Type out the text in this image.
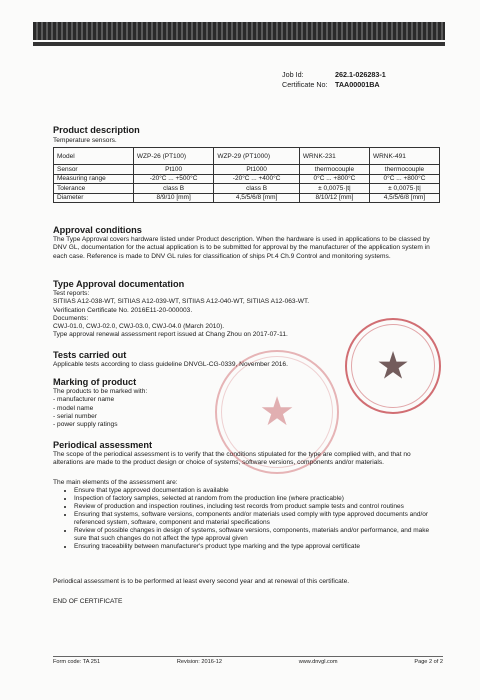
Job Id:	262.1-026283-1
Certificate No:	TAA00001BA
Product description
Temperature sensors.
Model	WZP-26 (PT100)	WZP-29 (PT1000)	WRNK-231	WRNK-491
Sensor	Pt100	Pt1000	thermocouple	thermocouple
Measuring range	-20°C ... +500°C	-20°C ... +400°C	0°C ... +800°C	0°C ... +800°C
Tolerance	class B	class B	± 0,0075·|t|	± 0,0075·|t|
Diameter	8/9/10 [mm]	4,5/5/6/8 [mm]	8/10/12 [mm]	4,5/5/6/8 [mm]
Approval conditions
The Type Approval covers hardware listed under Product description. When the hardware is used in applications to be classed by DNV GL, documentation for the actual application is to be submitted for approval by the manufacturer of the application system in each case. Reference is made to DNV GL rules for classification of ships Pt.4 Ch.9 Control and monitoring systems.
Type Approval documentation
Test reports:
SITIIAS A12-038-WT, SITIIAS A12-039-WT, SITIIAS A12-040-WT, SITIIAS A12-063-WT.
Verification Certificate No. 2016E11-20-000003.
Documents:
CWJ-01.0, CWJ-02.0, CWJ-03.0, CWJ-04.0 (March 2010).
Type approval renewal assessment report issued at Chang Zhou on 2017-07-11.
Tests carried out
Applicable tests according to class guideline DNVGL-CG-0339, November 2016.
Marking of product
The products to be marked with:
- manufacturer name
- model name
- serial number
- power supply ratings
Periodical assessment
The scope of the periodical assessment is to verify that the conditions stipulated for the type are complied with, and that no alterations are made to the product design or choice of systems, software versions, components and/or materials.
The main elements of the assessment are:
• Ensure that type approved documentation is available
• Inspection of factory samples, selected at random from the production line (where practicable)
• Review of production and inspection routines, including test records from product sample tests and control routines
• Ensuring that systems, software versions, components and/or materials used comply with type approved documents and/or referenced system, software, component and material specifications
• Review of possible changes in design of systems, software versions, components, materials and/or performance, and make sure that such changes do not affect the type approval given
• Ensuring traceability between manufacturer's product type marking and the type approval certificate
Periodical assessment is to be performed at least every second year and at renewal of this certificate.
END OF CERTIFICATE
★
★
Form code: TA 251	Revision: 2016-12	www.dnvgl.com	Page 2 of 2
